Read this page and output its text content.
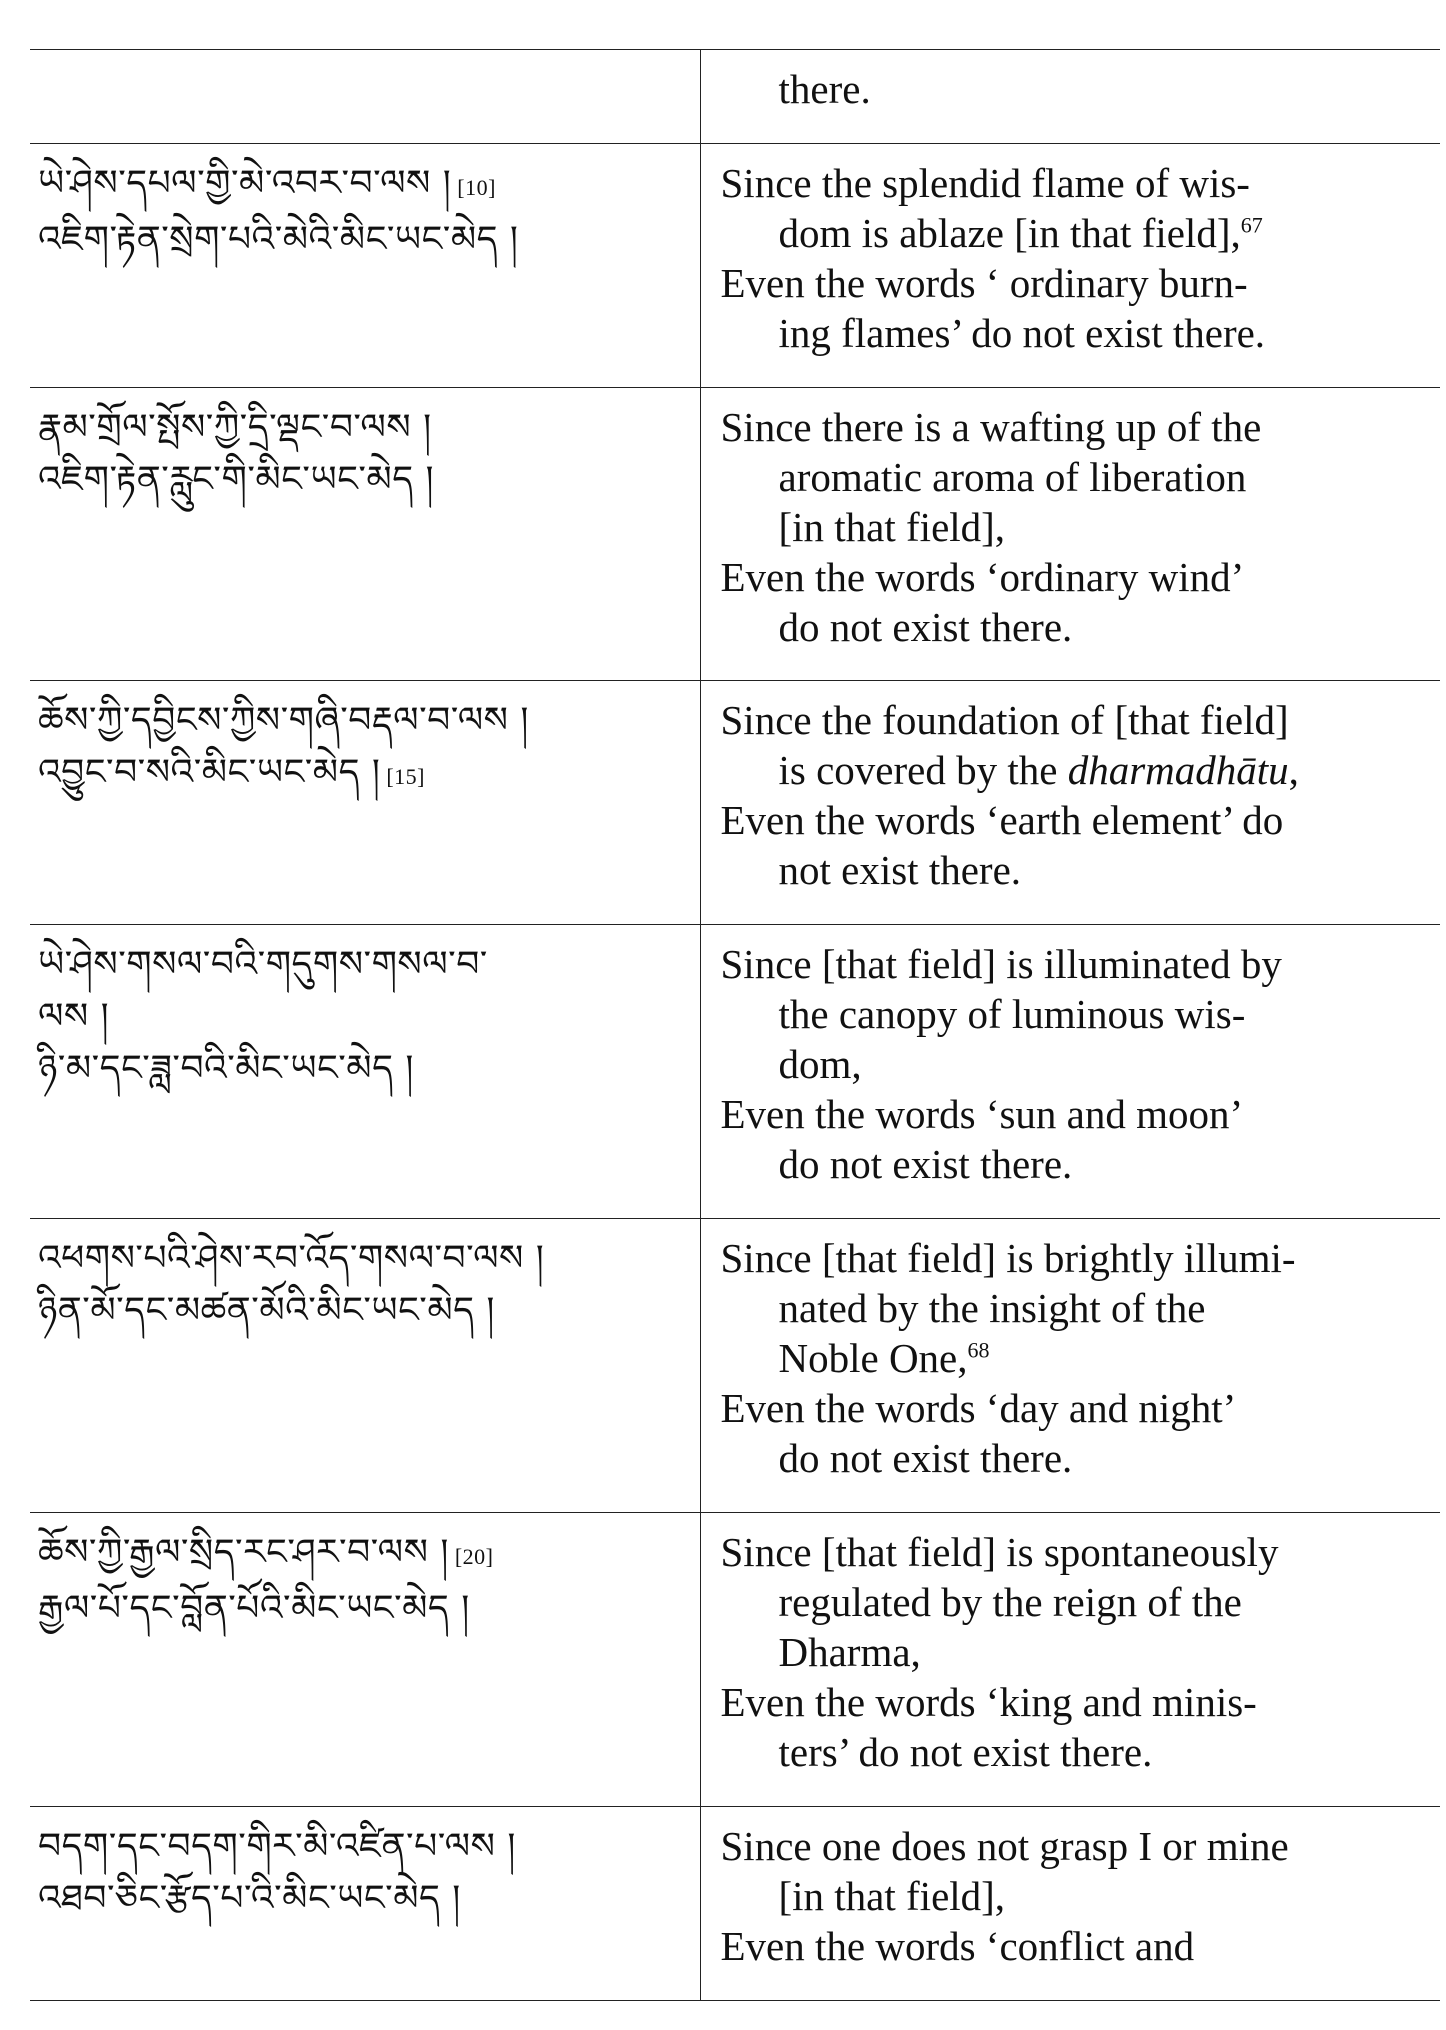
	there.

ཡེ་ཤེས་དཔལ་གྱི་མེ་འབར་བ་ལས ། [10]
འཇིག་རྟེན་སྲེག་པའི་མེའི་མིང་ཡང་མེད །	Since the splendid flame of wis-
dom is ablaze [in that field],$^{67}$
Even the words ‘ ordinary burn-
ing flames’ do not exist there.

རྣམ་གྲོལ་སྤོས་ཀྱི་དྲི་ལྡང་བ་ལས །
འཇིག་རྟེན་རླུང་གི་མིང་ཡང་མེད །	Since there is a wafting up of the
aromatic aroma of liberation
[in that field],
Even the words ‘ordinary wind’
do not exist there.

ཆོས་ཀྱི་དབྱིངས་ཀྱིས་གཞི་བརྡལ་བ་ལས །
འབྱུང་བ་སའི་མིང་ཡང་མེད ། [15]	Since the foundation of [that field]
is covered by the dharmadhātu,
Even the words ‘earth element’ do
not exist there.

ཡེ་ཤེས་གསལ་བའི་གདུགས་གསལ་བ་
ལས །
ཉི་མ་དང་ཟླ་བའི་མིང་ཡང་མེད །	Since [that field] is illuminated by
the canopy of luminous wis-
dom,
Even the words ‘sun and moon’
do not exist there.

འཕགས་པའི་ཤེས་རབ་འོད་གསལ་བ་ལས །
ཉིན་མོ་དང་མཚན་མོའི་མིང་ཡང་མེད །	Since [that field] is brightly illumi-
nated by the insight of the
Noble One,$^{68}$
Even the words ‘day and night’
do not exist there.

ཆོས་ཀྱི་རྒྱལ་སྲིད་རང་ཤར་བ་ལས ། [20]
རྒྱལ་པོ་དང་བློན་པོའི་མིང་ཡང་མེད །	Since [that field] is spontaneously
regulated by the reign of the
Dharma,
Even the words ‘king and minis-
ters’ do not exist there.

བདག་དང་བདག་གིར་མི་འཛིན་པ་ལས །
འཐབ་ཅིང་རྩོད་པ་འི་མིང་ཡང་མེད །	Since one does not grasp I or mine
[in that field],
Even the words ‘conflict and
